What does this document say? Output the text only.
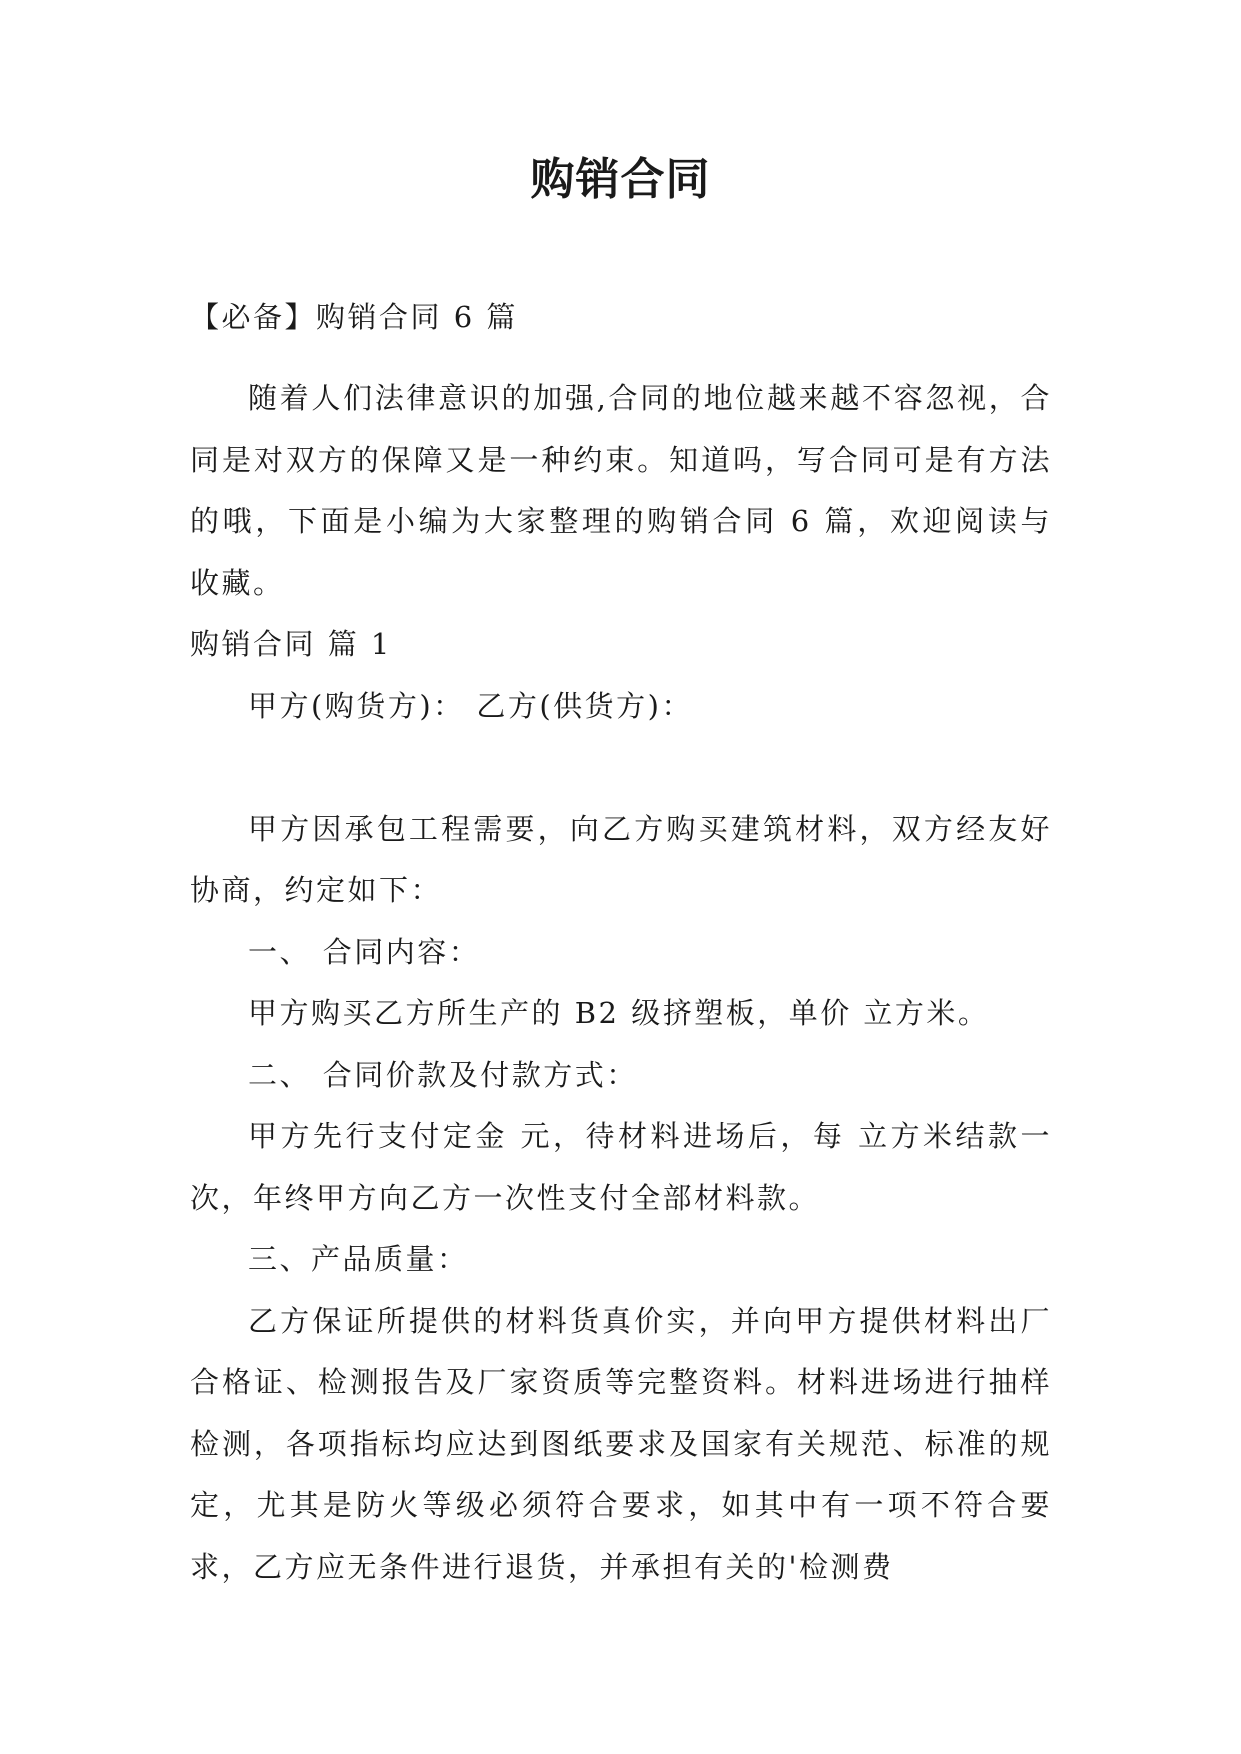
购销合同
【必备】购销合同 6 篇

随着人们法律意识的加强,合同的地位越来越不容忽视，合同是对双方的保障又是一种约束。知道吗，写合同可是有方法的哦，下面是小编为大家整理的购销合同 6 篇，欢迎阅读与收藏。

购销合同 篇 1

甲方(购货方)： 乙方(供货方)：

甲方因承包工程需要，向乙方购买建筑材料，双方经友好协商，约定如下：

一、 合同内容：

甲方购买乙方所生产的 B2 级挤塑板，单价 立方米。

二、 合同价款及付款方式：

甲方先行支付定金 元，待材料进场后，每 立方米结款一次，年终甲方向乙方一次性支付全部材料款。

三、产品质量：

乙方保证所提供的材料货真价实，并向甲方提供材料出厂合格证、检测报告及厂家资质等完整资料。材料进场进行抽样检测，各项指标均应达到图纸要求及国家有关规范、标准的规定，尤其是防火等级必须符合要求，如其中有一项不符合要求，乙方应无条件进行退货，并承担有关的'检测费
